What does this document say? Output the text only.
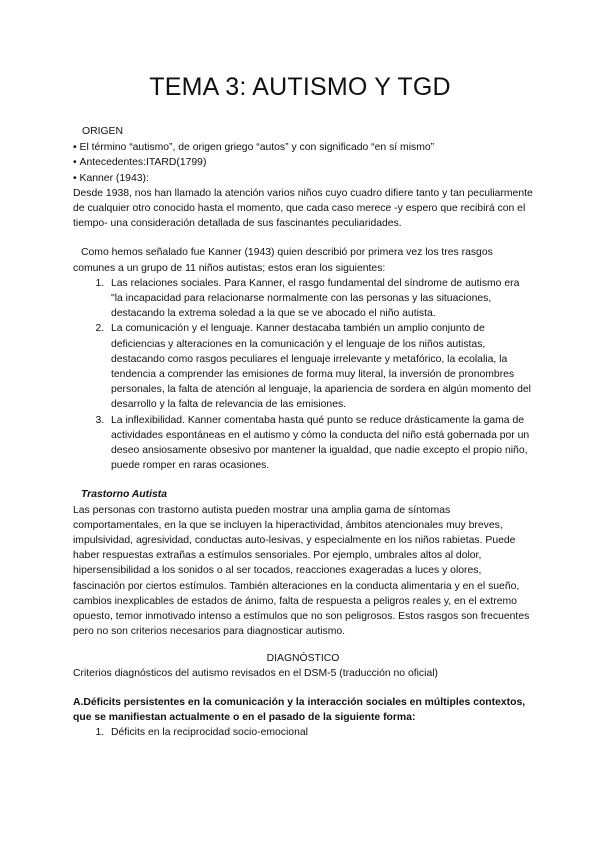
TEMA 3: AUTISMO Y TGD

ORIGEN

• El término “autismo”, de origen griego “autos” y con significado “en sí mismo”
• Antecedentes:ITARD(1799)
• Kanner (1943):

Desde 1938, nos han llamado la atención varios niños cuyo cuadro difiere tanto y tan peculiarmente de cualquier otro conocido hasta el momento, que cada caso merece -y espero que recibirá con el tiempo- una consideración detallada de sus fascinantes peculiaridades.

Como hemos señalado fue Kanner (1943) quien describió por primera vez los tres rasgos comunes a un grupo de 11 niños autistas; estos eran los siguientes:

1. Las relaciones sociales. Para Kanner, el rasgo fundamental del síndrome de autismo era "la incapacidad para relacionarse normalmente con las personas y las situaciones, destacando la extrema soledad a la que se ve abocado el niño autista.
2. La comunicación y el lenguaje. Kanner destacaba también un amplio conjunto de deficiencias y alteraciones en la comunicación y el lenguaje de los niños autistas, destacando como rasgos peculiares el lenguaje irrelevante y metafórico, la ecolalia, la tendencia a comprender las emisiones de forma muy literal, la inversión de pronombres personales, la falta de atención al lenguaje, la apariencia de sordera en algún momento del desarrollo y la falta de relevancia de las emisiones.
3. La inflexibilidad. Kanner comentaba hasta qué punto se reduce drásticamente la gama de actividades espontáneas en el autismo y cómo la conducta del niño está gobernada por un deseo ansiosamente obsesivo por mantener la igualdad, que nadie excepto el propio niño, puede romper en raras ocasiones.

Trastorno Autista

Las personas con trastorno autista pueden mostrar una amplia gama de síntomas comportamentales, en la que se incluyen la hiperactividad, ámbitos atencionales muy breves, impulsividad, agresividad, conductas auto-lesivas, y especialmente en los niños rabietas. Puede haber respuestas extrañas a estímulos sensoriales. Por ejemplo, umbrales altos al dolor, hipersensibilidad a los sonidos o al ser tocados, reacciones exageradas a luces y olores, fascinación por ciertos estímulos. También alteraciones en la conducta alimentaria y en el sueño, cambios inexplicables de estados de ánimo, falta de respuesta a peligros reales y, en el extremo opuesto, temor inmotivado intenso a estímulos que no son peligrosos. Estos rasgos son frecuentes pero no son criterios necesarios para diagnosticar autismo.

DIAGNÓSTICO

Criterios diagnósticos del autismo revisados en el DSM-5 (traducción no oficial)

A.Déficits persistentes en la comunicación y la interacción sociales en múltiples contextos, que se manifiestan actualmente o en el pasado de la siguiente forma:

1. Déficits en la reciprocidad socio-emocional
